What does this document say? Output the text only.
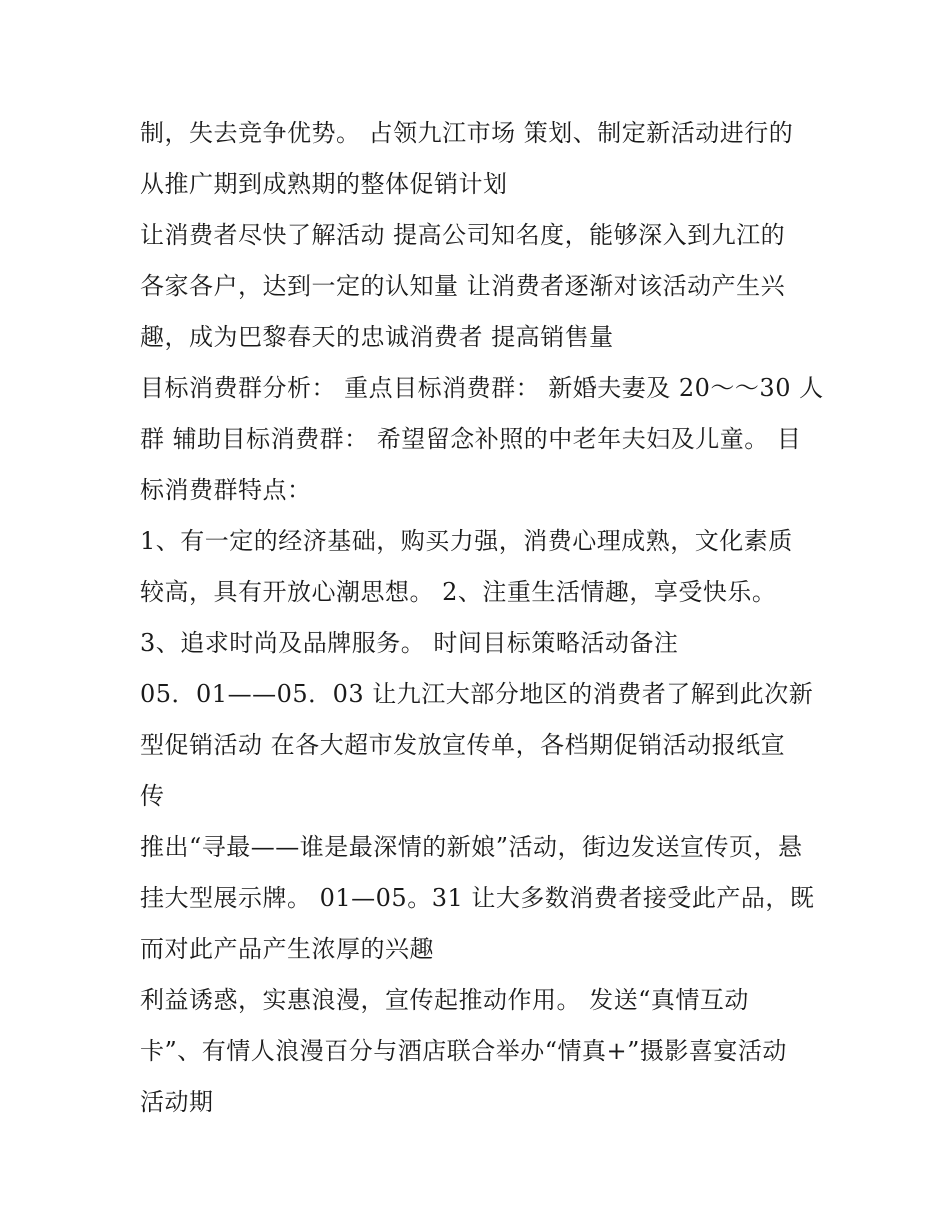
制，失去竞争优势。 占领九江市场 策划、制定新活动进行的
从推广期到成熟期的整体促销计划
让消费者尽快了解活动 提高公司知名度，能够深入到九江的
各家各户，达到一定的认知量 让消费者逐渐对该活动产生兴
趣，成为巴黎春天的忠诚消费者 提高销售量
目标消费群分析： 重点目标消费群： 新婚夫妻及 20～～30 人
群 辅助目标消费群： 希望留念补照的中老年夫妇及儿童。 目
标消费群特点：
1、有一定的经济基础，购买力强，消费心理成熟，文化素质
较高，具有开放心潮思想。 2、注重生活情趣，享受快乐。
3、追求时尚及品牌服务。 时间目标策略活动备注
05．01——05．03 让九江大部分地区的消费者了解到此次新
型促销活动 在各大超市发放宣传单，各档期促销活动报纸宣
传
推出“寻最——谁是最深情的新娘”活动，街边发送宣传页，悬
挂大型展示牌。 01—05。31 让大多数消费者接受此产品，既
而对此产品产生浓厚的兴趣
利益诱惑，实惠浪漫，宣传起推动作用。 发送“真情互动
卡”、有情人浪漫百分与酒店联合举办“情真+”摄影喜宴活动
活动期
